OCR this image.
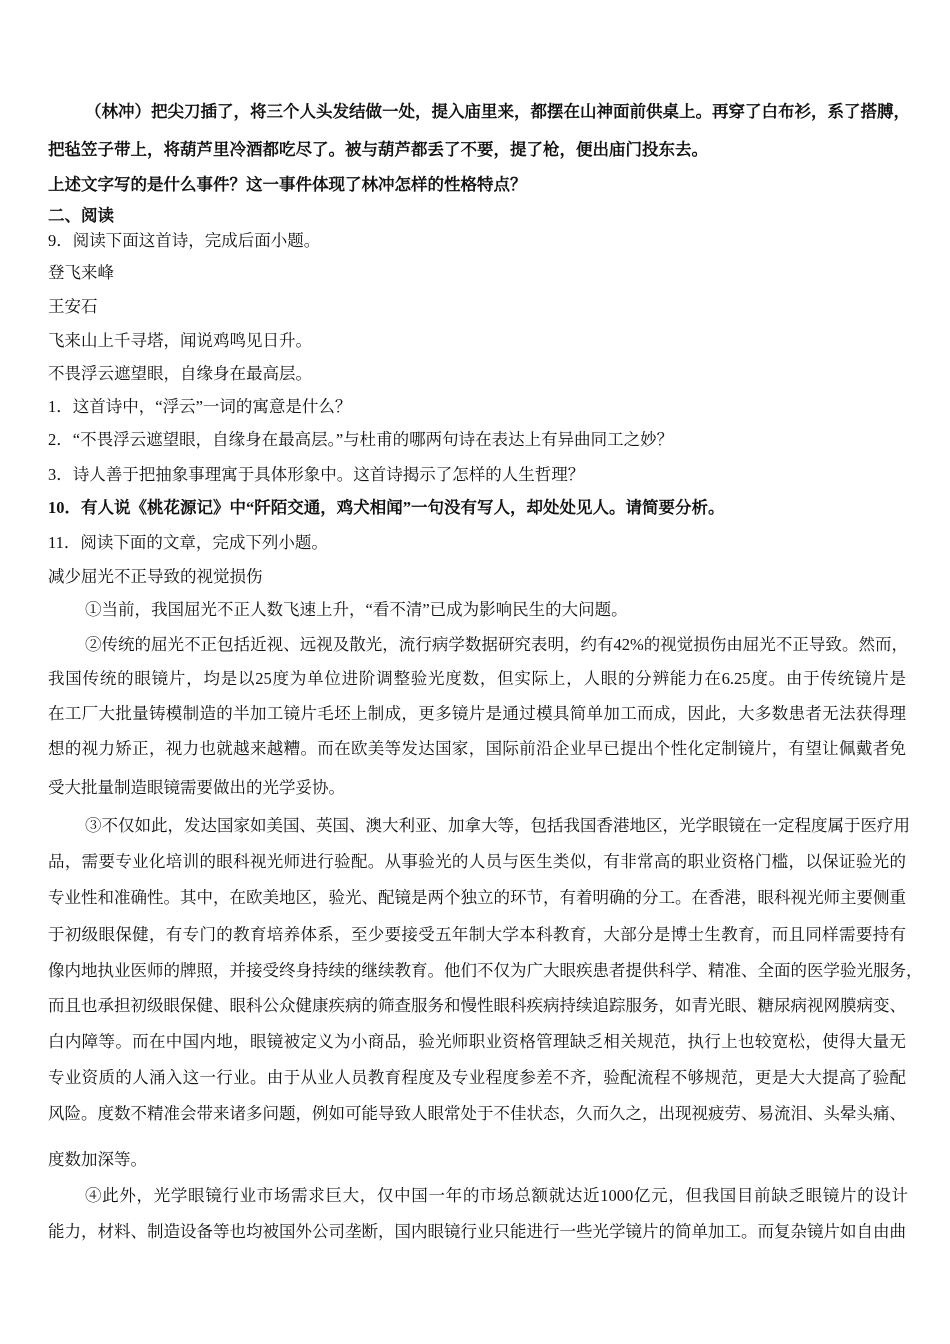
（林冲）把尖刀插了，将三个人头发结做一处，提入庙里来，都摆在山神面前供桌上。再穿了白布衫，系了搭膊，
把毡笠子带上，将葫芦里冷酒都吃尽了。被与葫芦都丢了不要，提了枪，便出庙门投东去。
上述文字写的是什么事件？这一事件体现了林冲怎样的性格特点？
二、阅读
9．阅读下面这首诗，完成后面小题。
登飞来峰
王安石
飞来山上千寻塔，闻说鸡鸣见日升。
不畏浮云遮望眼，自缘身在最高层。
1．这首诗中，“浮云”一词的寓意是什么？
2．“不畏浮云遮望眼，自缘身在最高层。”与杜甫的哪两句诗在表达上有异曲同工之妙？
3．诗人善于把抽象事理寓于具体形象中。这首诗揭示了怎样的人生哲理？
10．有人说《桃花源记》中“阡陌交通，鸡犬相闻”一句没有写人，却处处见人。请简要分析。
11．阅读下面的文章，完成下列小题。
减少屈光不正导致的视觉损伤
①当前，我国屈光不正人数飞速上升，“看不清”已成为影响民生的大问题。
②传统的屈光不正包括近视、远视及散光，流行病学数据研究表明，约有42%的视觉损伤由屈光不正导致。然而，
我国传统的眼镜片，均是以25度为单位进阶调整验光度数，但实际上，人眼的分辨能力在6.25度。由于传统镜片是
在工厂大批量铸模制造的半加工镜片毛坯上制成，更多镜片是通过模具简单加工而成，因此，大多数患者无法获得理
想的视力矫正，视力也就越来越糟。而在欧美等发达国家，国际前沿企业早已提出个性化定制镜片，有望让佩戴者免
受大批量制造眼镜需要做出的光学妥协。
③不仅如此，发达国家如美国、英国、澳大利亚、加拿大等，包括我国香港地区，光学眼镜在一定程度属于医疗用
品，需要专业化培训的眼科视光师进行验配。从事验光的人员与医生类似，有非常高的职业资格门槛，以保证验光的
专业性和准确性。其中，在欧美地区，验光、配镜是两个独立的环节，有着明确的分工。在香港，眼科视光师主要侧重
于初级眼保健，有专门的教育培养体系，至少要接受五年制大学本科教育，大部分是博士生教育，而且同样需要持有
像内地执业医师的牌照，并接受终身持续的继续教育。他们不仅为广大眼疾患者提供科学、精准、全面的医学验光服务，
而且也承担初级眼保健、眼科公众健康疾病的筛查服务和慢性眼科疾病持续追踪服务，如青光眼、糖尿病视网膜病变、
白内障等。而在中国内地，眼镜被定义为小商品，验光师职业资格管理缺乏相关规范，执行上也较宽松，使得大量无
专业资质的人涌入这一行业。由于从业人员教育程度及专业程度参差不齐，验配流程不够规范，更是大大提高了验配
风险。度数不精准会带来诸多问题，例如可能导致人眼常处于不佳状态，久而久之，出现视疲劳、易流泪、头晕头痛、
度数加深等。
④此外，光学眼镜行业市场需求巨大，仅中国一年的市场总额就达近1000亿元，但我国目前缺乏眼镜片的设计
能力，材料、制造设备等也均被国外公司垄断，国内眼镜行业只能进行一些光学镜片的简单加工。而复杂镜片如自由曲
